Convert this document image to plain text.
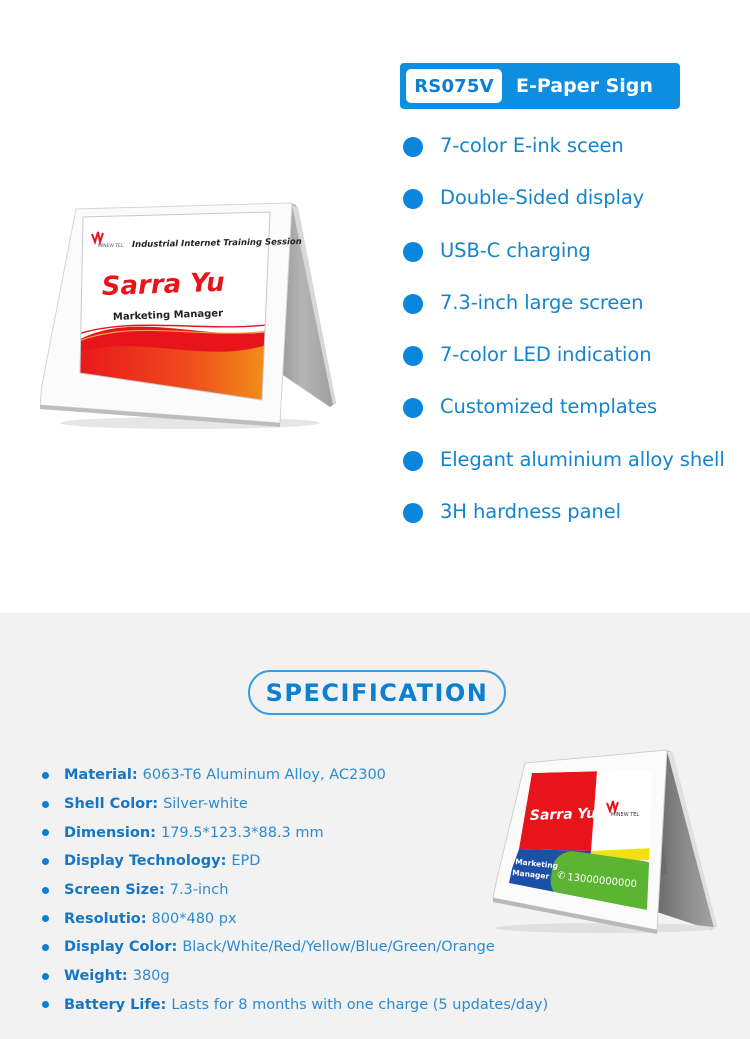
MINEW TEL Industrial Internet Training Session
Sarra Yu
Marketing Manager
RS075V	E-Paper Sign
7-color E-ink sceen
Double-Sided display
USB-C charging
7.3-inch large screen
7-color LED indication
Customized templates
Elegant aluminium alloy shell
3H hardness panel
SPECIFICATION
Material: 6063-T6 Aluminum Alloy, AC2300
Shell Color: Silver-white
Dimension: 179.5*123.3*88.3 mm
Display Technology: EPD
Screen Size: 7.3-inch
Resolutio: 800*480 px
Display Color: Black/White/Red/Yellow/Blue/Green/Orange
Weight: 380g
Battery Life: Lasts for 8 months with one charge (5 updates/day)
MINEW TEL
Sarra Yu
Marketing
Manager ✆ 13000000000
